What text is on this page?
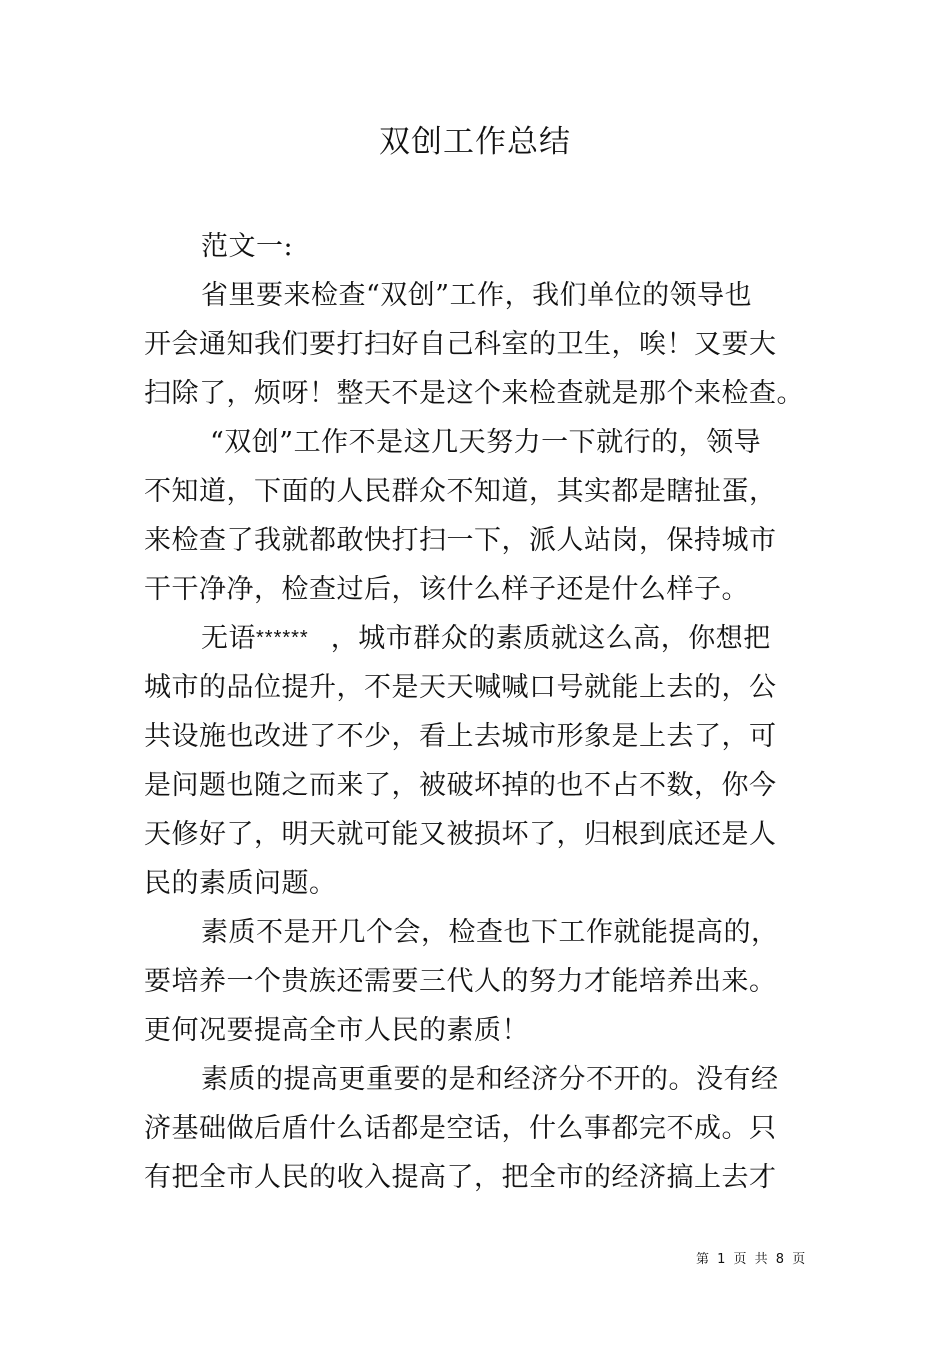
双创工作总结
范文一:
省里要来检查“双创”工作，我们单位的领导也
开会通知我们要打扫好自己科室的卫生，唉！又要大
扫除了，烦呀！整天不是这个来检查就是那个来检查。
“双创”工作不是这几天努力一下就行的，领导
不知道，下面的人民群众不知道，其实都是瞎扯蛋，
来检查了我就都敢快打扫一下，派人站岗，保持城市
干干净净，检查过后，该什么样子还是什么样子。
无语****** ，城市群众的素质就这么高，你想把
城市的品位提升，不是天天喊喊口号就能上去的，公
共设施也改进了不少，看上去城市形象是上去了，可
是问题也随之而来了，被破坏掉的也不占不数，你今
天修好了，明天就可能又被损坏了，归根到底还是人
民的素质问题。
素质不是开几个会，检查也下工作就能提高的，
要培养一个贵族还需要三代人的努力才能培养出来。
更何况要提高全市人民的素质！
素质的提高更重要的是和经济分不开的。没有经
济基础做后盾什么话都是空话，什么事都完不成。只
有把全市人民的收入提高了，把全市的经济搞上去才
第 1 页 共 8 页
